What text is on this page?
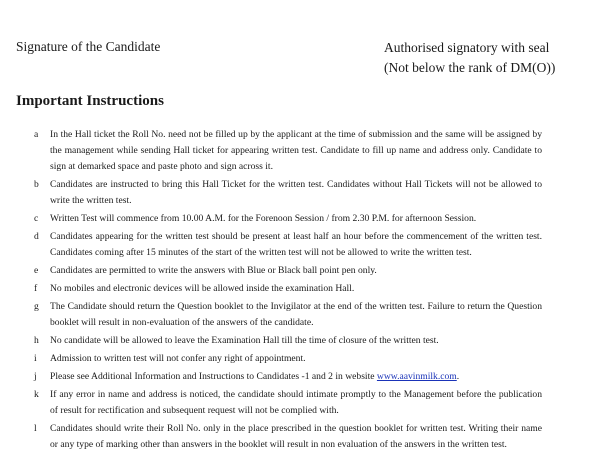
Signature of the Candidate	Authorised signatory with seal
(Not below the rank of DM(O))
Important Instructions
a In the Hall ticket the Roll No. need not be filled up by the applicant at the time of submission and the same will be assigned by the management while sending Hall ticket for appearing written test. Candidate to fill up name and address only. Candidate to sign at demarked space and paste photo and sign across it.
b Candidates are instructed to bring this Hall Ticket for the written test. Candidates without Hall Tickets will not be allowed to write the written test.
c Written Test will commence from 10.00 A.M. for the Forenoon Session / from 2.30 P.M. for afternoon Session.
d Candidates appearing for the written test should be present at least half an hour before the commencement of the written test. Candidates coming after 15 minutes of the start of the written test will not be allowed to write the written test.
e Candidates are permitted to write the answers with Blue or Black ball point pen only.
f No mobiles and electronic devices will be allowed inside the examination Hall.
g The Candidate should return the Question booklet to the Invigilator at the end of the written test. Failure to return the Question booklet will result in non-evaluation of the answers of the candidate.
h No candidate will be allowed to leave the Examination Hall till the time of closure of the written test.
i Admission to written test will not confer any right of appointment.
j Please see Additional Information and Instructions to Candidates -1 and 2 in website www.aavinmilk.com.
k If any error in name and address is noticed, the candidate should intimate promptly to the Management before the publication of result for rectification and subsequent request will not be complied with.
l Candidates should write their Roll No. only in the place prescribed in the question booklet for written test. Writing their name or any type of marking other than answers in the booklet will result in non evaluation of the answers in the written test.
